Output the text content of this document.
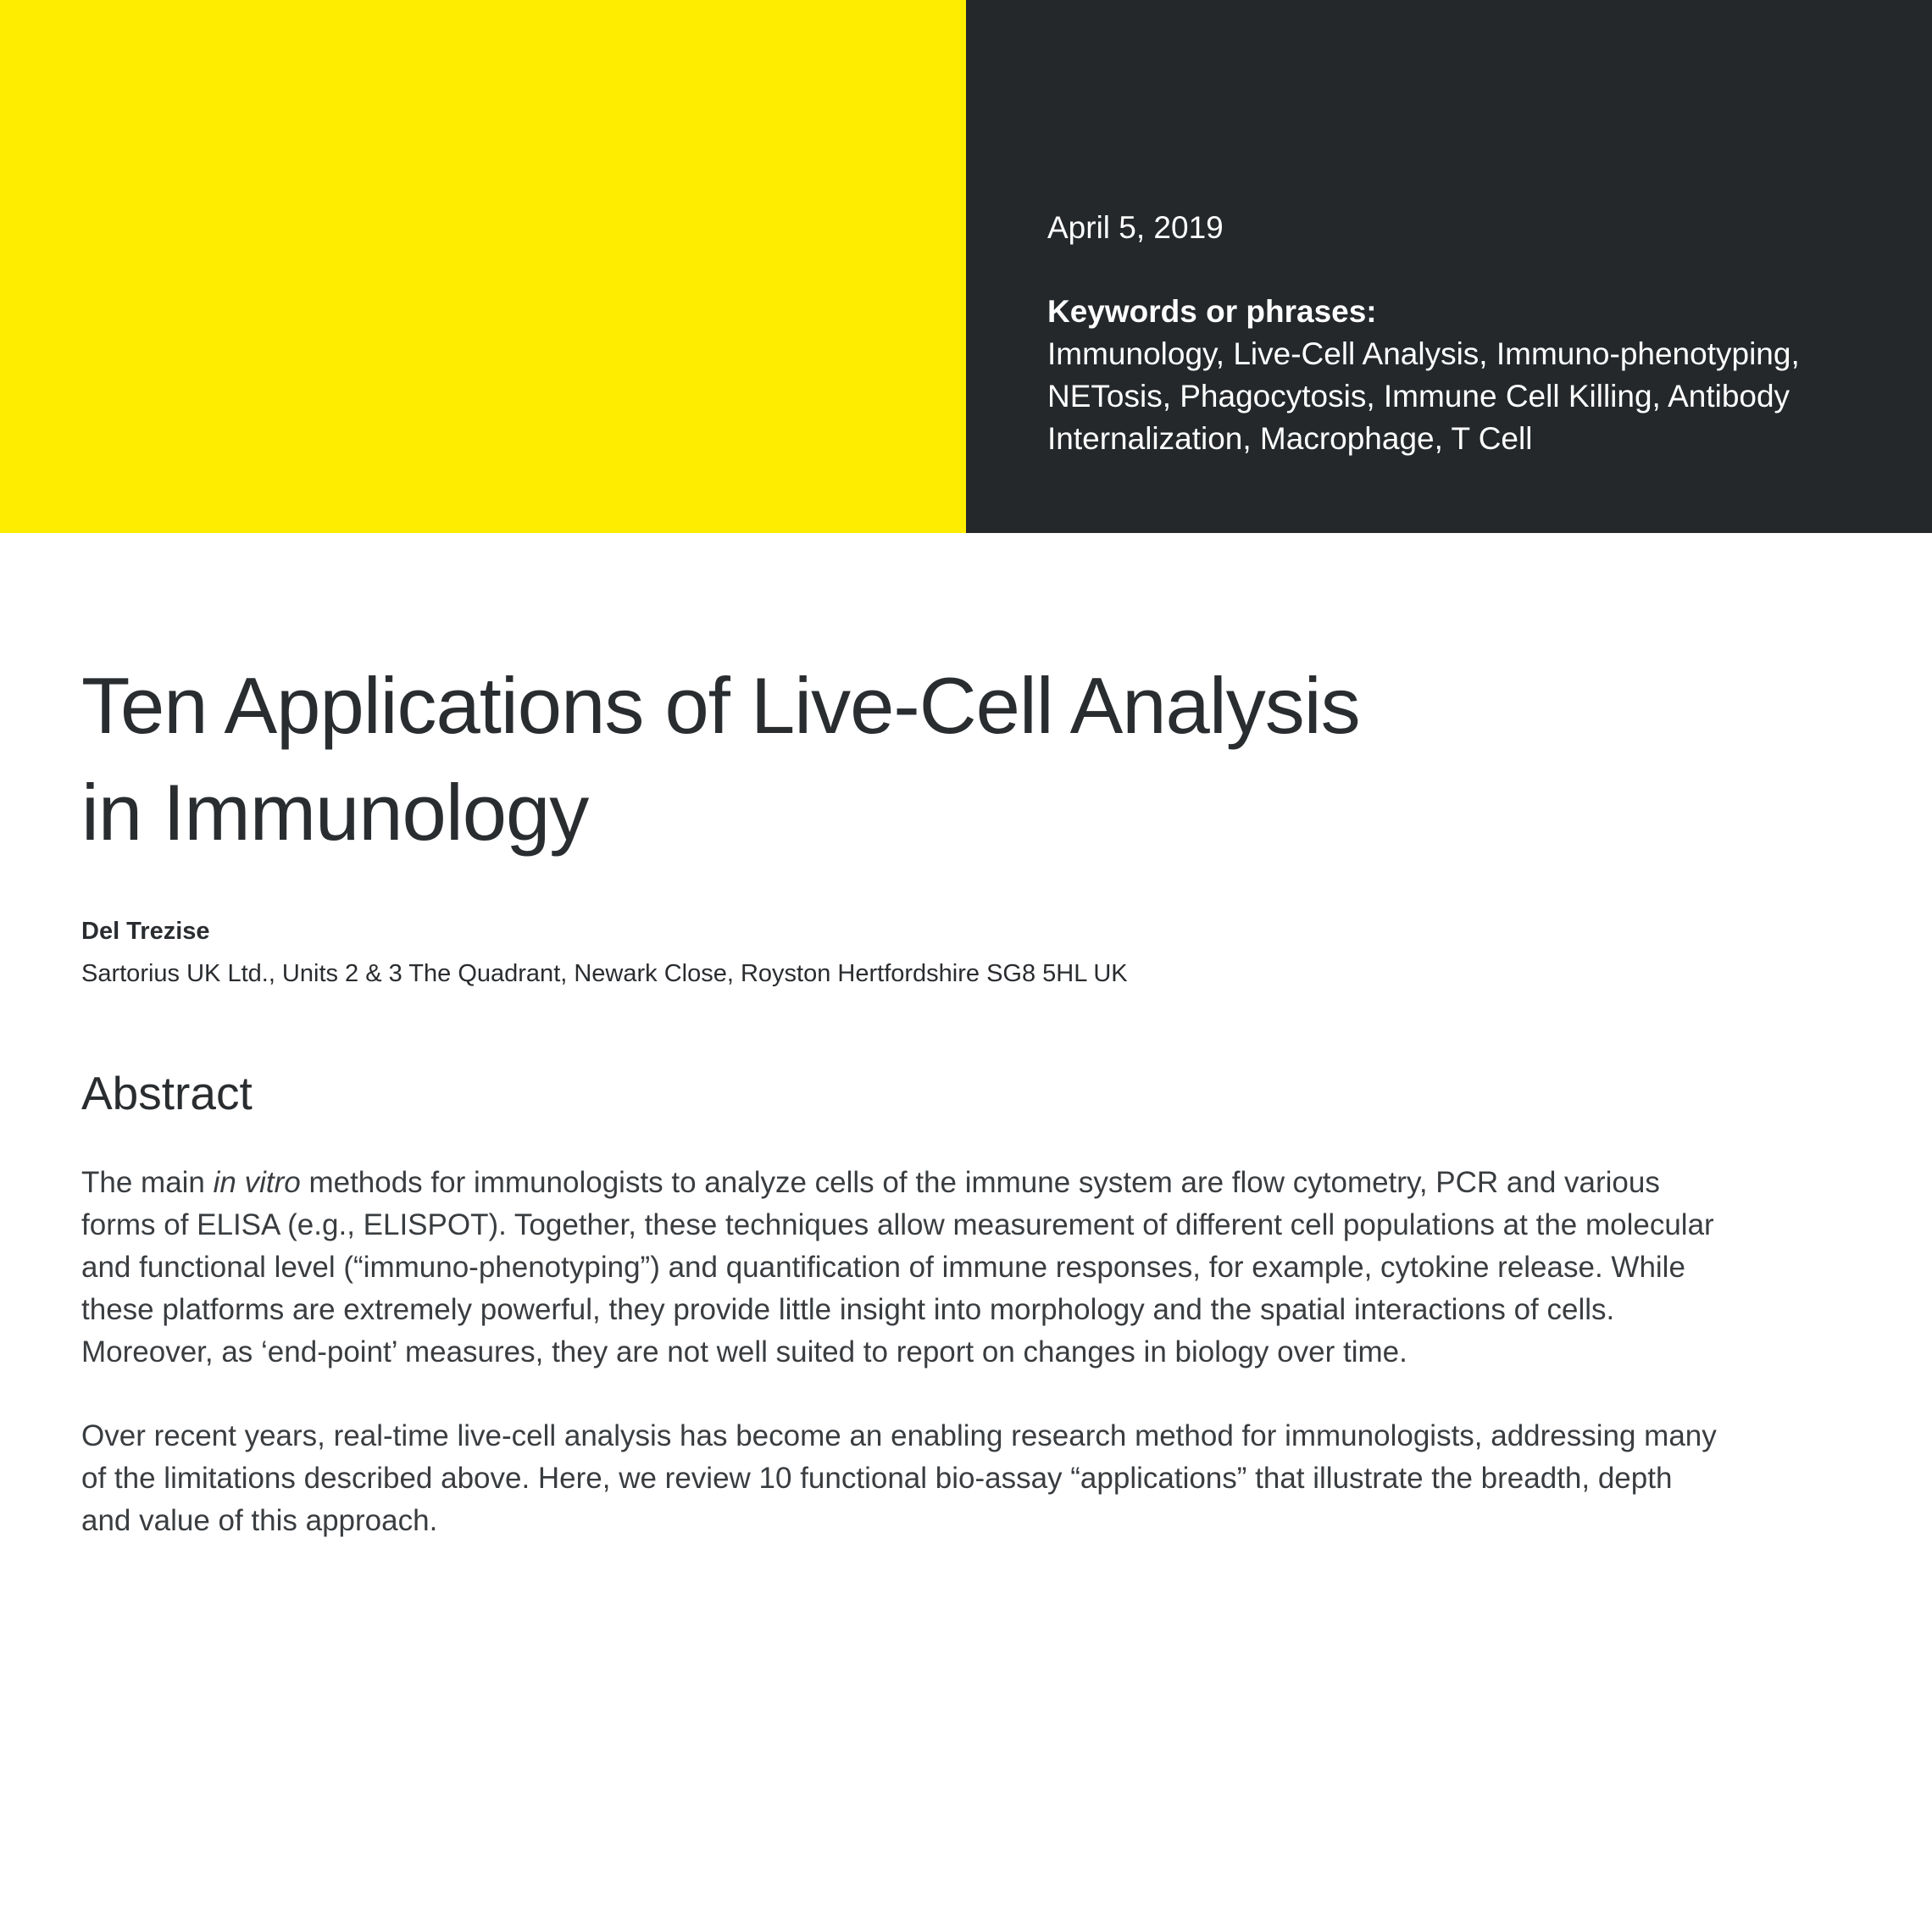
April 5, 2019
Keywords or phrases:
Immunology, Live-Cell Analysis, Immuno-phenotyping,
NETosis, Phagocytosis, Immune Cell Killing, Antibody
Internalization, Macrophage, T Cell
Ten Applications of Live-Cell Analysis
in Immunology
Del Trezise
Sartorius UK Ltd., Units 2 & 3 The Quadrant, Newark Close, Royston Hertfordshire SG8 5HL UK
Abstract
The main in vitro methods for immunologists to analyze cells of the immune system are flow cytometry, PCR and various
forms of ELISA (e.g., ELISPOT). Together, these techniques allow measurement of different cell populations at the molecular
and functional level (“immuno-phenotyping”) and quantification of immune responses, for example, cytokine release. While
these platforms are extremely powerful, they provide little insight into morphology and the spatial interactions of cells.
Moreover, as ‘end-point’ measures, they are not well suited to report on changes in biology over time.
Over recent years, real-time live-cell analysis has become an enabling research method for immunologists, addressing many
of the limitations described above. Here, we review 10 functional bio-assay “applications” that illustrate the breadth, depth
and value of this approach.
